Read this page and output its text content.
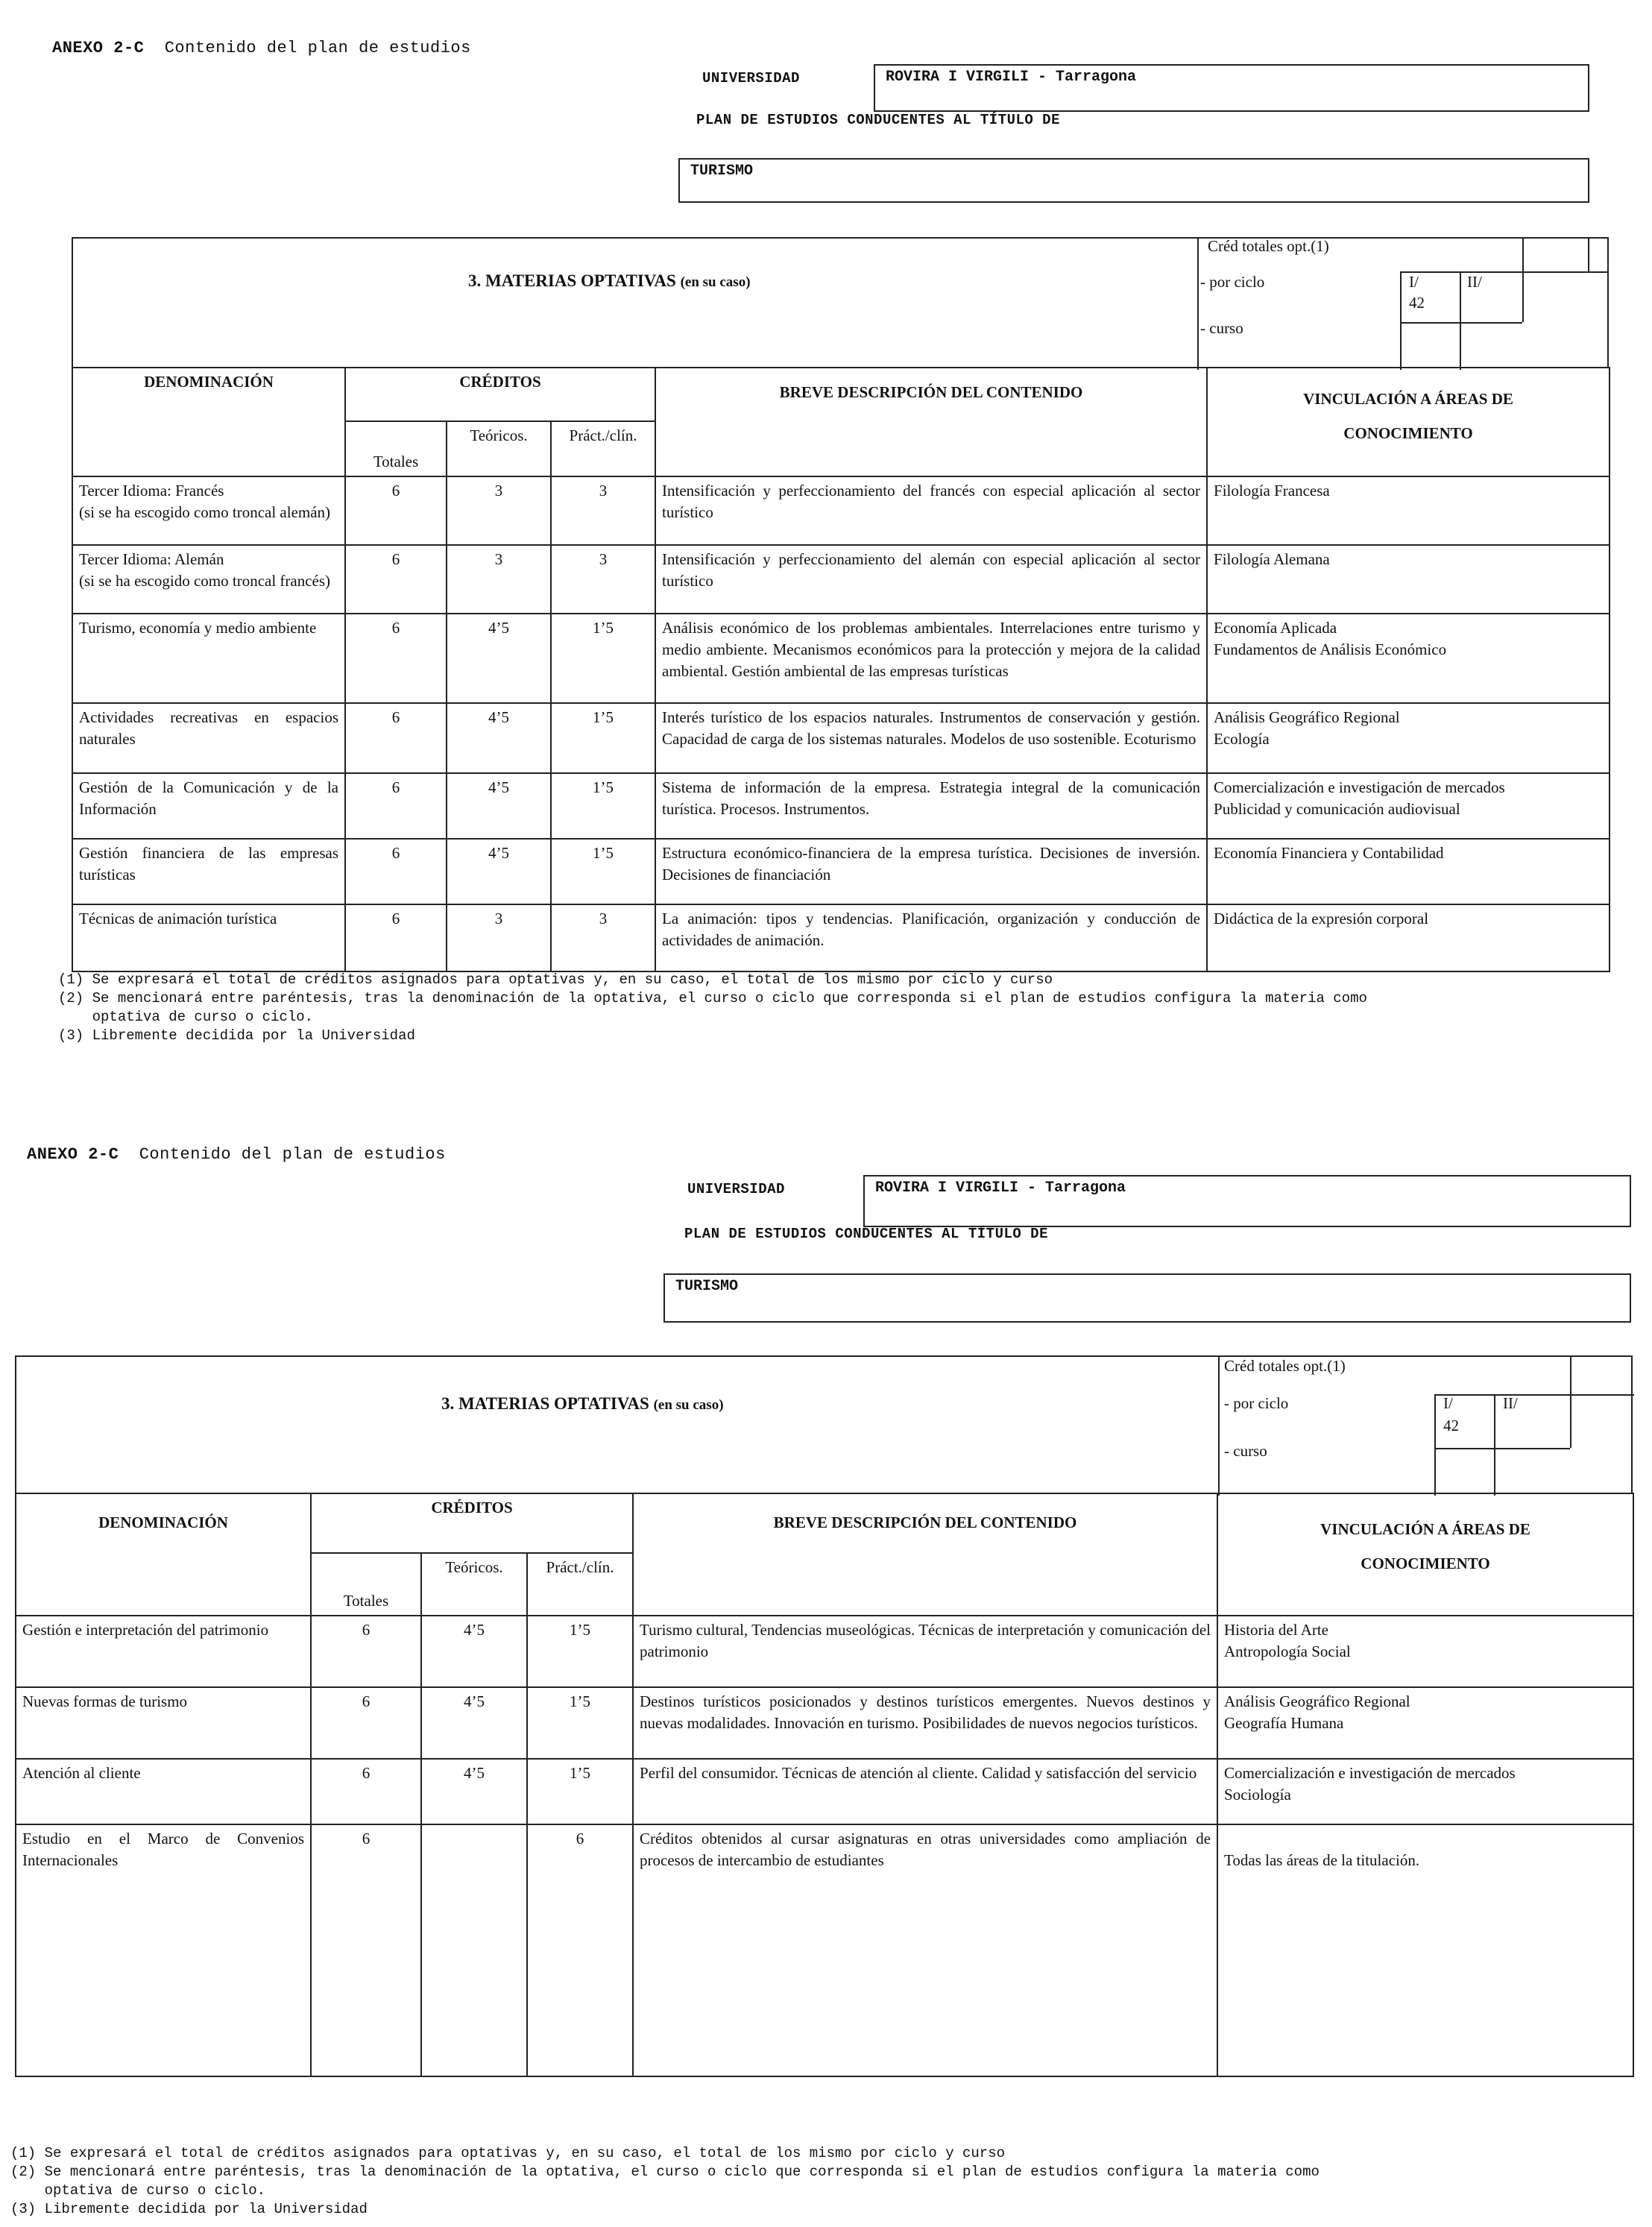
ANEXO 2-C Contenido del plan de estudios
UNIVERSIDAD	ROVIRA I VIRGILI - Tarragona
PLAN DE ESTUDIOS CONDUCENTES AL TÍTULO DE
TURISMO
3. MATERIAS OPTATIVAS (en su caso)
Créd totales opt.(1)
- por ciclo
- curso
I/
42
II/
DENOMINACIÓN	CRÉDITOS			BREVE DESCRIPCIÓN DEL CONTENIDO	VINCULACIÓN A ÁREAS DE
CONOCIMIENTO

	Totales	Teóricos.	Práct./clín.		
Tercer Idioma: Francés
(si se ha escogido como troncal alemán)	6	3	3	Intensificación y perfeccionamiento del francés con especial aplicación al sector turístico	Filología Francesa
Tercer Idioma: Alemán
(si se ha escogido como troncal francés)	6	3	3	Intensificación y perfeccionamiento del alemán con especial aplicación al sector turístico	Filología Alemana
Turismo, economía y medio ambiente	6	4’5	1’5	Análisis económico de los problemas ambientales. Interrelaciones entre turismo y medio ambiente. Mecanismos económicos para la protección y mejora de la calidad ambiental. Gestión ambiental de las empresas turísticas	Economía Aplicada
Fundamentos de Análisis Económico
Actividades recreativas en espacios naturales	6	4’5	1’5	Interés turístico de los espacios naturales. Instrumentos de conservación y gestión. Capacidad de carga de los sistemas naturales. Modelos de uso sostenible. Ecoturismo	Análisis Geográfico Regional
Ecología
Gestión de la Comunicación y de la Información	6	4’5	1’5	Sistema de información de la empresa. Estrategia integral de la comunicación turística. Procesos. Instrumentos.	Comercialización e investigación de mercados
Publicidad y comunicación audiovisual
Gestión financiera de las empresas turísticas	6	4’5	1’5	Estructura económico-financiera de la empresa turística. Decisiones de inversión. Decisiones de financiación	Economía Financiera y Contabilidad
Técnicas de animación turística	6	3	3	La animación: tipos y tendencias. Planificación, organización y conducción de actividades de animación.	Didáctica de la expresión corporal
(1) Se expresará el total de créditos asignados para optativas y, en su caso, el total de los mismo por ciclo y curso
(2) Se mencionará entre paréntesis, tras la denominación de la optativa, el curso o ciclo que corresponda si el plan de estudios configura la materia como
optativa de curso o ciclo.
(3) Libremente decidida por la Universidad
ANEXO 2-C Contenido del plan de estudios
UNIVERSIDAD	ROVIRA I VIRGILI - Tarragona
PLAN DE ESTUDIOS CONDUCENTES AL TÍTULO DE
TURISMO
3. MATERIAS OPTATIVAS (en su caso)
Créd totales opt.(1)
- por ciclo
- curso
I/
42
II/
DENOMINACIÓN	CRÉDITOS			BREVE DESCRIPCIÓN DEL CONTENIDO	VINCULACIÓN A ÁREAS DE
CONOCIMIENTO

	Totales	Teóricos.	Práct./clín.		
Gestión e interpretación del patrimonio	6	4’5	1’5	Turismo cultural, Tendencias museológicas. Técnicas de interpretación y comunicación del patrimonio	Historia del Arte
Antropología Social
Nuevas formas de turismo	6	4’5	1’5	Destinos turísticos posicionados y destinos turísticos emergentes. Nuevos destinos y nuevas modalidades. Innovación en turismo. Posibilidades de nuevos negocios turísticos.	Análisis Geográfico Regional
Geografía Humana
Atención al cliente	6	4’5	1’5	Perfil del consumidor. Técnicas de atención al cliente. Calidad y satisfacción del servicio	Comercialización e investigación de mercados
Sociología
Estudio en el Marco de Convenios Internacionales	6		6	Créditos obtenidos al cursar asignaturas en otras universidades como ampliación de procesos de intercambio de estudiantes	
Todas las áreas de la titulación.
(1) Se expresará el total de créditos asignados para optativas y, en su caso, el total de los mismo por ciclo y curso
(2) Se mencionará entre paréntesis, tras la denominación de la optativa, el curso o ciclo que corresponda si el plan de estudios configura la materia como
optativa de curso o ciclo.
(3) Libremente decidida por la Universidad
